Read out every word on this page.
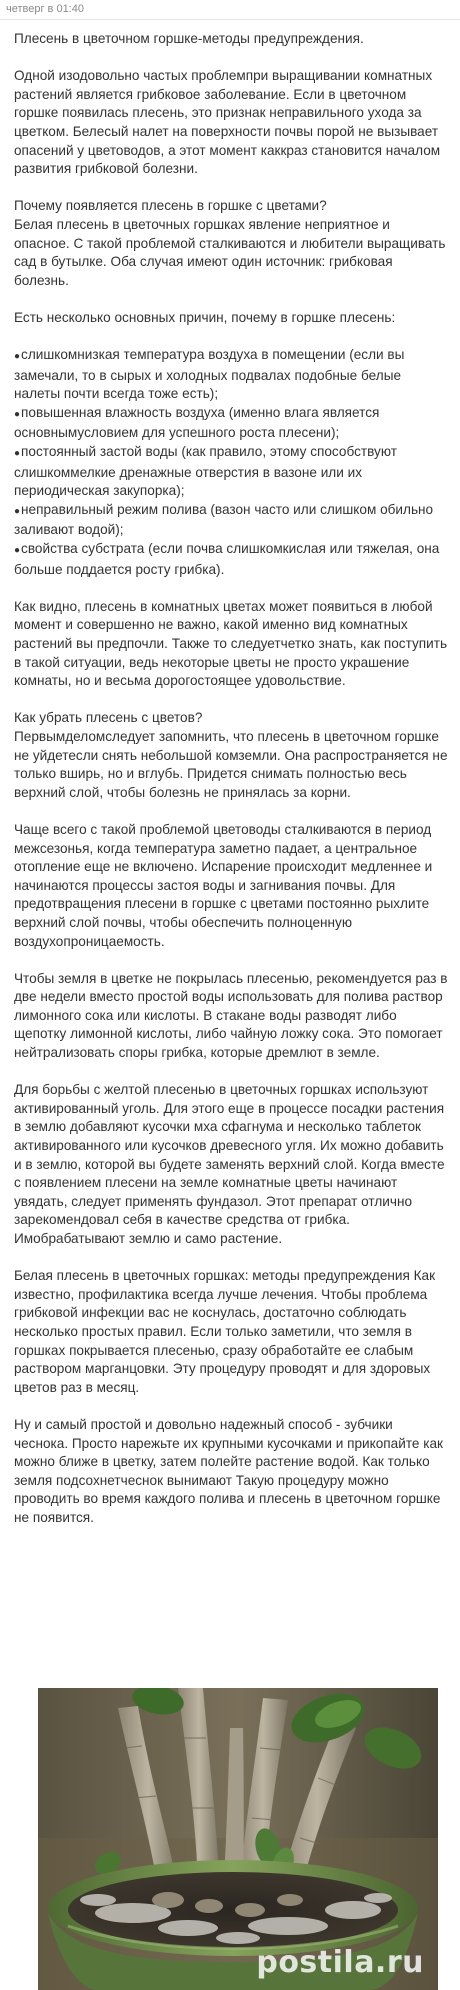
четверг в 01:40

Плесень в цветочном горшке-методы предупреждения.

Одной изодовольно частых проблемпри выращивании комнатных растений является грибковое заболевание. Если в цветочном горшке появилась плесень, это признак неправильного ухода за цветком. Белесый налет на поверхности почвы порой не вызывает опасений у цветоводов, а этот момент каккраз становится началом развития грибковой болезни.

Почему появляется плесень в горшке с цветами?
Белая плесень в цветочных горшках явление неприятное и опасное. С такой проблемой сталкиваются и любители выращивать сад в бутылке. Оба случая имеют один источник: грибковая болезнь.

Есть несколько основных причин, почему в горшке плесень:

● слишкомнизкая температура воздуха в помещении (если вы замечали, то в сырых и холодных подвалах подобные белые налеты почти всегда тоже есть);
● повышенная влажность воздуха (именно влага является основнымусловием для успешного роста плесени);
● постоянный застой воды (как правило, этому способствуют слишкоммелкие дренажные отверстия в вазоне или их периодическая закупорка);
● неправильный режим полива (вазон часто или слишком обильно заливают водой);
● свойства субстрата (если почва слишкомкислая или тяжелая, она больше поддается росту грибка).

Как видно, плесень в комнатных цветах может появиться в любой момент и совершенно не важно, какой именно вид комнатных растений вы предпочли. Также то следуетчетко знать, как поступить в такой ситуации, ведь некоторые цветы не просто украшение комнаты, но и весьма дорогостоящее удовольствие.

Как убрать плесень с цветов?
Первымделомследует запомнить, что плесень в цветочном горшке не уйдетесли снять небольшой комземли. Она распространяется не только вширь, но и вглубь. Придется снимать полностью весь верхний слой, чтобы болезнь не принялась за корни.

Чаще всего с такой проблемой цветоводы сталкиваются в период межсезонья, когда температура заметно падает, а центральное отопление еще не включено. Испарение происходит медленнее и начинаются процессы застоя воды и загнивания почвы. Для предотвращения плесени в горшке с цветами постоянно рыхлите верхний слой почвы, чтобы обеспечить полноценную воздухопроницаемость.

Чтобы земля в цветке не покрылась плесенью, рекомендуется раз в две недели вместо простой воды использовать для полива раствор лимонного сока или кислоты. В стакане воды разводят либо щепотку лимонной кислоты, либо чайную ложку сока. Это помогает нейтрализовать споры грибка, которые дремлют в земле.

Для борьбы с желтой плесенью в цветочных горшках используют активированный уголь. Для этого еще в процессе посадки растения в землю добавляют кусочки мха сфагнума и несколько таблеток активированного или кусочков древесного угля. Их можно добавить и в землю, которой вы будете заменять верхний слой. Когда вместе с появлением плесени на земле комнатные цветы начинают увядать, следует применять фундазол. Этот препарат отлично зарекомендовал себя в качестве средства от грибка. Имобрабатывают землю и само растение.

Белая плесень в цветочных горшках: методы предупреждения Как известно, профилактика всегда лучше лечения. Чтобы проблема грибковой инфекции вас не коснулась, достаточно соблюдать несколько простых правил. Если только заметили, что земля в горшках покрывается плесенью, сразу обработайте ее слабым раствором марганцовки. Эту процедуру проводят и для здоровых цветов раз в месяц.

Ну и самый простой и довольно надежный способ - зубчики чеснока. Просто нарежьте их крупными кусочками и прикопайте как можно ближе в цветку, затем полейте растение водой. Как только земля подсохнетчеснок вынимают Такую процедуру можно проводить во время каждого полива и плесень в цветочном горшке не появится.

postila.ru
